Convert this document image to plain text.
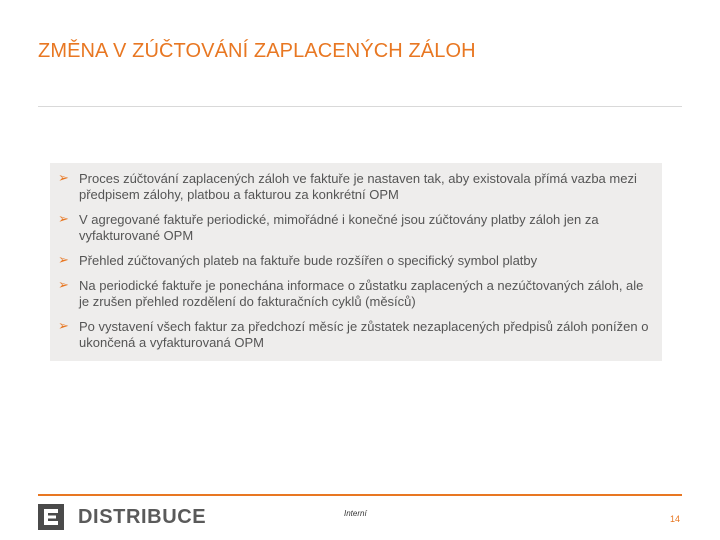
ZMĚNA V ZÚČTOVÁNÍ ZAPLACENÝCH ZÁLOH
➢ Proces zúčtování zaplacených záloh ve faktuře je nastaven tak, aby existovala přímá vazba mezi předpisem zálohy, platbou a fakturou za konkrétní OPM
➢ V agregované faktuře periodické, mimořádné i konečné jsou zúčtovány platby záloh jen za vyfakturované OPM
➢ Přehled zúčtovaných plateb na faktuře bude rozšířen o specifický symbol platby
➢ Na periodické faktuře je ponechána informace o zůstatku zaplacených a nezúčtovaných záloh, ale je zrušen přehled rozdělení do fakturačních cyklů (měsíců)
➢ Po vystavení všech faktur za předchozí měsíc je zůstatek nezaplacených předpisů záloh ponížen o ukončená a vyfakturovaná OPM
DISTRIBUCE	Interní
14
